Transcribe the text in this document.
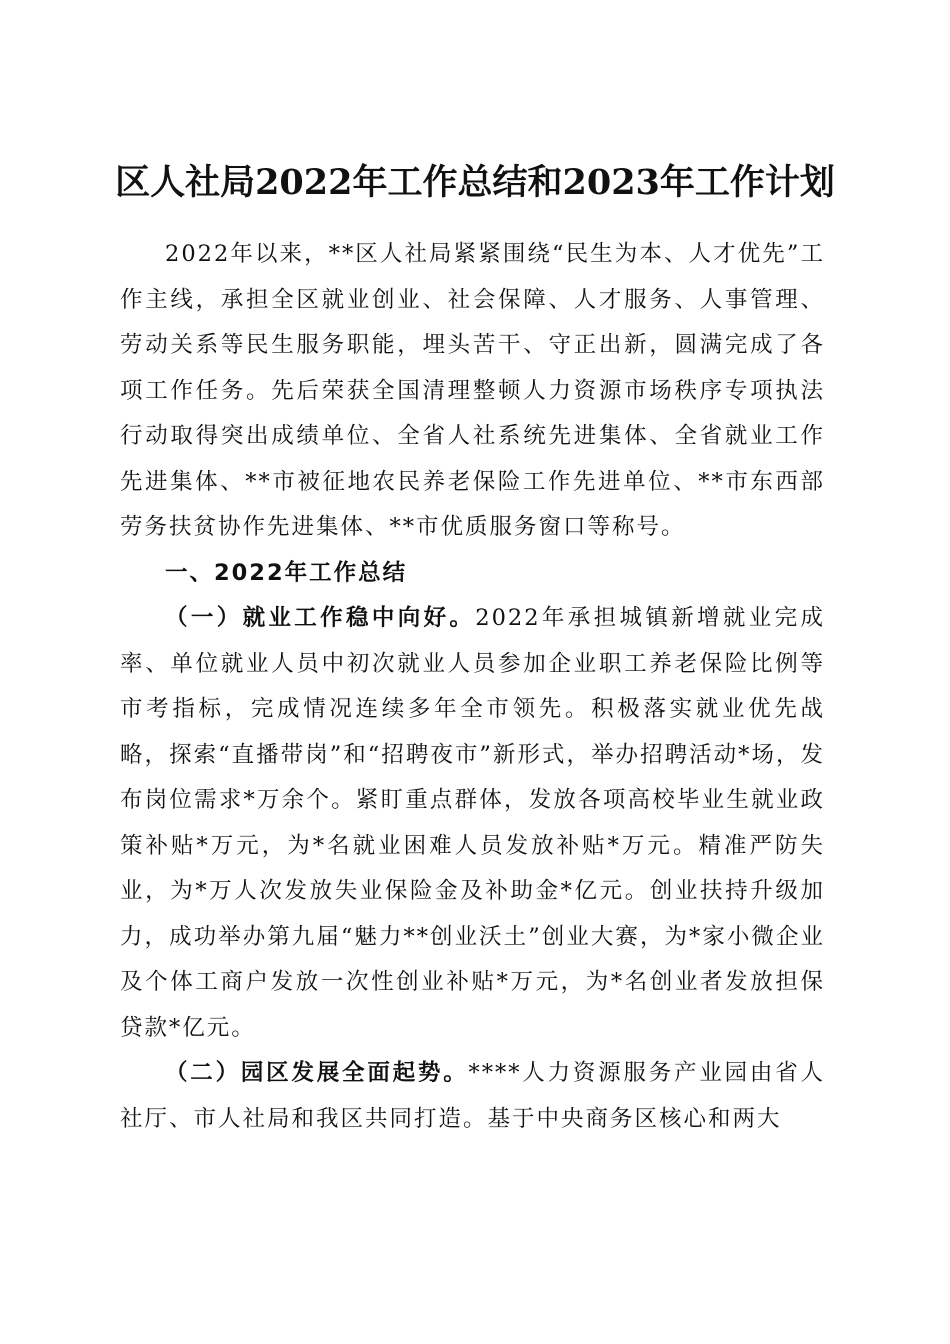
区人社局2022年工作总结和2023年工作计划

2022年以来，**区人社局紧紧围绕“民生为本、人才优先”工作主线，承担全区就业创业、社会保障、人才服务、人事管理、劳动关系等民生服务职能，埋头苦干、守正出新，圆满完成了各项工作任务。先后荣获全国清理整顿人力资源市场秩序专项执法行动取得突出成绩单位、全省人社系统先进集体、全省就业工作先进集体、**市被征地农民养老保险工作先进单位、**市东西部劳务扶贫协作先进集体、**市优质服务窗口等称号。

一、2022年工作总结

（一）就业工作稳中向好。2022年承担城镇新增就业完成率、单位就业人员中初次就业人员参加企业职工养老保险比例等市考指标，完成情况连续多年全市领先。积极落实就业优先战略，探索“直播带岗”和“招聘夜市”新形式，举办招聘活动*场，发布岗位需求*万余个。紧盯重点群体，发放各项高校毕业生就业政策补贴*万元，为*名就业困难人员发放补贴*万元。精准严防失业，为*万人次发放失业保险金及补助金*亿元。创业扶持升级加力，成功举办第九届“魅力**创业沃土”创业大赛，为*家小微企业及个体工商户发放一次性创业补贴*万元，为*名创业者发放担保贷款*亿元。

（二）园区发展全面起势。****人力资源服务产业园由省人社厅、市人社局和我区共同打造。基于中央商务区核心和两大
